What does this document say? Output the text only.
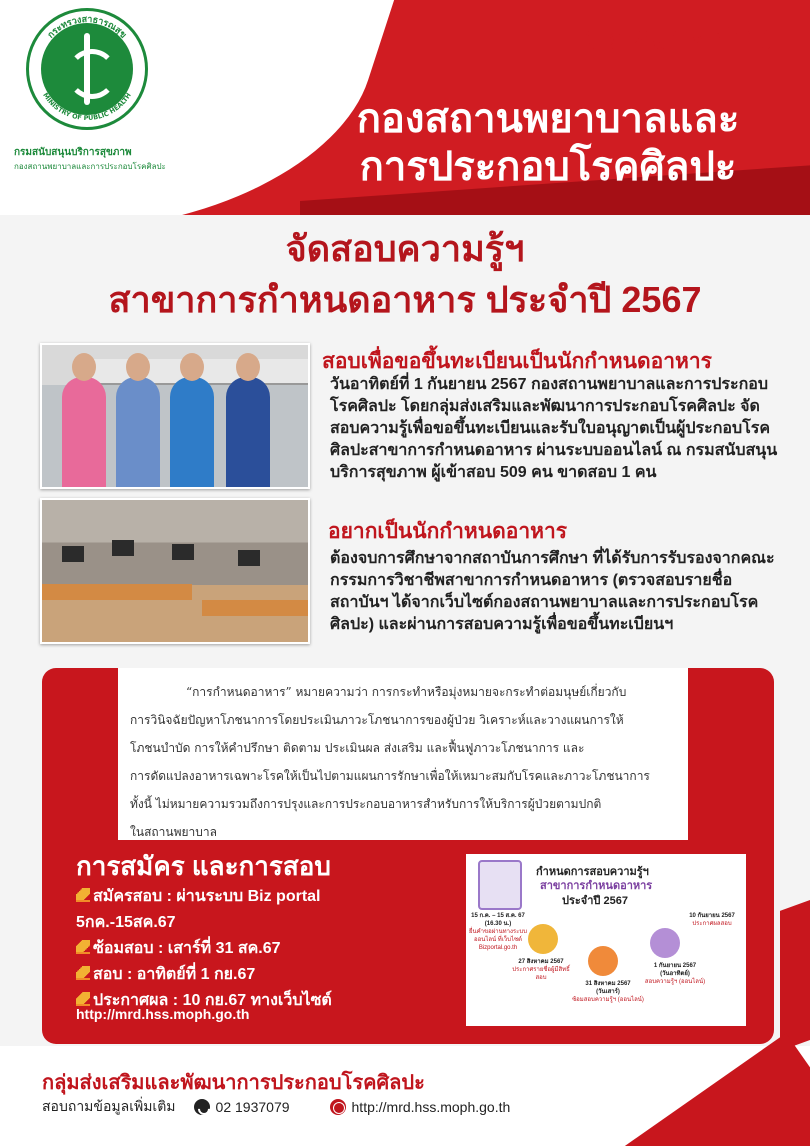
กระทรวงสาธารณสุข
MINISTRY OF PUBLIC HEALTH
กรมสนับสนุนบริการสุขภาพ
กองสถานพยาบาลและการประกอบโรคศิลปะ
จดหมายข่าว
กองสถานพยาบาลและ
การประกอบโรคศิลปะ
จัดสอบความรู้ฯ
สาขาการกำหนดอาหาร ประจำปี 2567
สอบเพื่อขอขึ้นทะเบียนเป็นนักกำหนดอาหาร
วันอาทิตย์ที่ 1 กันยายน 2567 กองสถานพยาบาลและการประกอบโรคศิลปะ โดยกลุ่มส่งเสริมและพัฒนาการประกอบโรคศิลปะ จัดสอบความรู้เพื่อขอขึ้นทะเบียนและรับใบอนุญาตเป็นผู้ประกอบโรคศิลปะสาขาการกำหนดอาหาร ผ่านระบบออนไลน์ ณ กรมสนับสนุนบริการสุขภาพ ผู้เข้าสอบ 509 คน ขาดสอบ 1 คน
อยากเป็นนักกำหนดอาหาร
ต้องจบการศึกษาจากสถาบันการศึกษา ที่ได้รับการรับรองจากคณะกรรมการวิชาชีพสาขาการกำหนดอาหาร (ตรวจสอบรายชื่อสถาบันฯ ได้จากเว็บไซต์กองสถานพยาบาลและการประกอบโรคศิลปะ) และผ่านการสอบความรู้เพื่อขอขึ้นทะเบียนฯ
“การกำหนดอาหาร” หมายความว่า การกระทำหรือมุ่งหมายจะกระทำต่อมนุษย์เกี่ยวกับ
การวินิจฉัยปัญหาโภชนาการโดยประเมินภาวะโภชนาการของผู้ป่วย วิเคราะห์และวางแผนการให้
โภชนบำบัด การให้คำปรึกษา ติดตาม ประเมินผล ส่งเสริม และฟื้นฟูภาวะโภชนาการ และ
การดัดแปลงอาหารเฉพาะโรคให้เป็นไปตามแผนการรักษาเพื่อให้เหมาะสมกับโรคและภาวะโภชนาการ
ทั้งนี้ ไม่หมายความรวมถึงการปรุงและการประกอบอาหารสำหรับการให้บริการผู้ป่วยตามปกติ
ในสถานพยาบาล
การสมัคร และการสอบ
สมัครสอบ : ผ่านระบบ Biz portal
5กค.-15สค.67
ซ้อมสอบ : เสาร์ที่ 31 สค.67
สอบ : อาทิตย์ที่ 1 กย.67
ประกาศผล : 10 กย.67 ทางเว็บไซต์
http://mrd.hss.moph.go.th
กำหนดการสอบความรู้ฯ
สาขาการกำหนดอาหาร
ประจำปี 2567
15 ก.ค. – 15 ส.ค. 67
(16.30 น.)
ยื่นคำขอผ่านทางระบบออนไลน์ ที่เว็บไซต์ Bizportal.go.th
27 สิงหาคม 2567
ประกาศรายชื่อผู้มีสิทธิ์สอบ
31 สิงหาคม 2567
(วันเสาร์)
ซ้อมสอบความรู้ฯ (ออนไลน์)
1 กันยายน 2567
(วันอาทิตย์)
สอบความรู้ฯ (ออนไลน์)
10 กันยายน 2567
ประกาศผลสอบ
กลุ่มส่งเสริมและพัฒนาการประกอบโรคศิลปะ
สอบถามข้อมูลเพิ่มเติม	02 1937079	http://mrd.hss.moph.go.th
